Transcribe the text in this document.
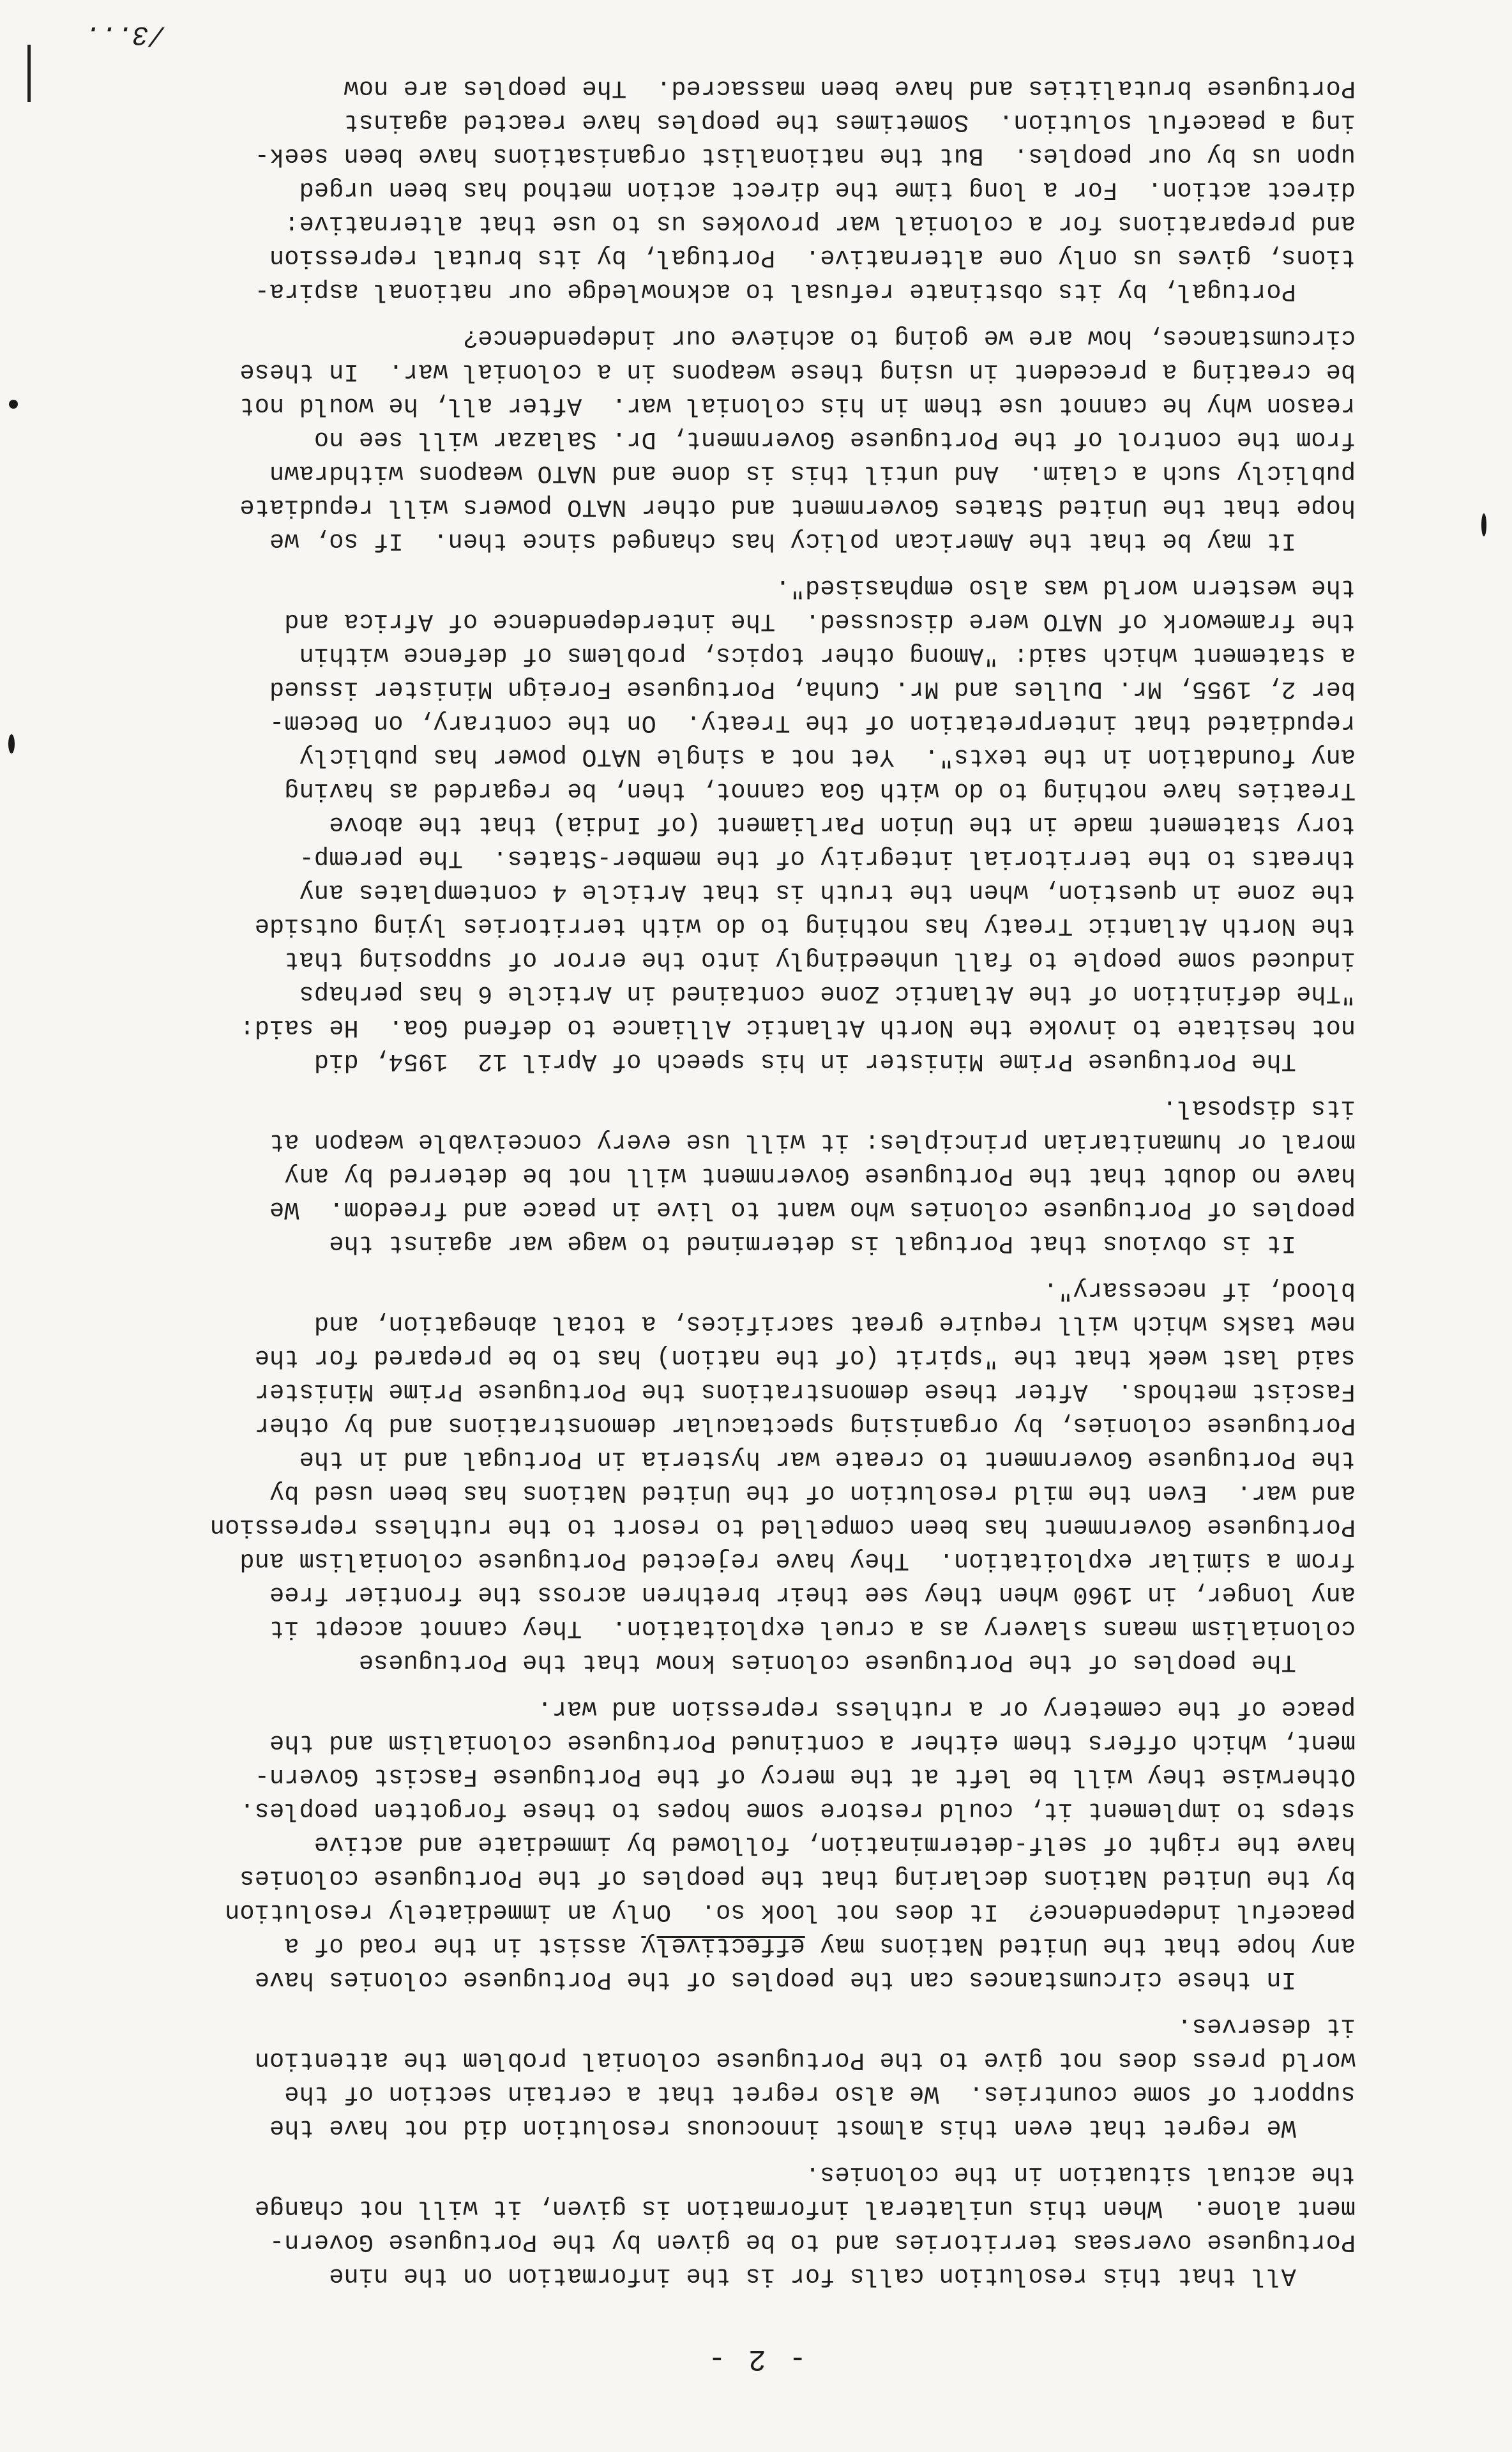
- 2 -
All that this resolution calls for is the information on the nine
Portuguese overseas territories and to be given by the Portuguese Govern-
ment alone.  When this unilateral information is given, it will not change
the actual situation in the colonies.
We regret that even this almost innocuous resolution did not have the
support of some countries.  We also regret that a certain section of the
world press does not give to the Portuguese colonial problem the attention
it deserves.
In these circumstances can the peoples of the Portuguese colonies have
any hope that the United Nations may effectively assist in the road of a
peaceful independence?  It does not look so.  Only an immediately resolution
by the United Nations declaring that the peoples of the Portuguese colonies
have the right of self-determination, followed by immediate and active
steps to implement it, could restore some hopes to these forgotten peoples.
Otherwise they will be left at the mercy of the Portuguese Fascist Govern-
ment, which offers them either a continued Portuguese colonialism and the
peace of the cemetery or a ruthless repression and war.
The peoples of the Portuguese colonies know that the Portuguese
colonialism means slavery as a cruel exploitation.  They cannot accept it
any longer, in 1960 when they see their brethren across the frontier free
from a similar exploitation.  They have rejected Portuguese colonialism and
Portuguese Government has been compelled to resort to the ruthless repression
and war.  Even the mild resolution of the United Nations has been used by
the Portuguese Government to create war hysteria in Portugal and in the
Portuguese colonies, by organising spectacular demonstrations and by other
Fascist methods.  After these demonstrations the Portuguese Prime Minister
said last week that the "spirit (of the nation) has to be prepared for the
new tasks which will require great sacrifices, a total abnegation, and
blood, if necessary".
It is obvious that Portugal is determined to wage war against the
peoples of Portuguese colonies who want to live in peace and freedom.  We
have no doubt that the Portuguese Government will not be deterred by any
moral or humanitarian principles: it will use every conceivable weapon at
its disposal.
The Portuguese Prime Minister in his speech of April 12  1954, did
not hesitate to invoke the North Atlantic Alliance to defend Goa.  He said:
"The definition of the Atlantic Zone contained in Article 6 has perhaps
induced some people to fall unheedingly into the error of supposing that
the North Atlantic Treaty has nothing to do with territories lying outside
the zone in question, when the truth is that Article 4 contemplates any
threats to the territorial integrity of the member-States.  The peremp-
tory statement made in the Union Parliament (of India) that the above
Treaties have nothing to do with Goa cannot, then, be regarded as having
any foundation in the texts".  Yet not a single NATO power has publicly
repudiated that interpretation of the Treaty.  On the contrary, on Decem-
ber 2, 1955, Mr. Dulles and Mr. Cunha, Portuguese Foreign Minister issued
a statement which said: "Among other topics, problems of defence within
the framework of NATO were discussed.  The interdependence of Africa and
the western world was also emphasised".
It may be that the American policy has changed since then.  If so, we
hope that the United States Government and other NATO powers will repudiate
publicly such a claim.  And until this is done and NATO weapons withdrawn
from the control of the Portuguese Government, Dr. Salazar will see no
reason why he cannot use them in his colonial war.  After all, he would not
be creating a precedent in using these weapons in a colonial war.  In these
circumstances, how are we going to achieve our independence?
Portugal, by its obstinate refusal to acknowledge our national aspira-
tions, gives us only one alternative.  Portugal, by its brutal repression
and preparations for a colonial war provokes us to use that alternative:
direct action.  For a long time the direct action method has been urged
upon us by our peoples.  But the nationalist organisations have been seek-
ing a peaceful solution.  Sometimes the peoples have reacted against
Portuguese brutalities and have been massacred.  The peoples are now
/3...
